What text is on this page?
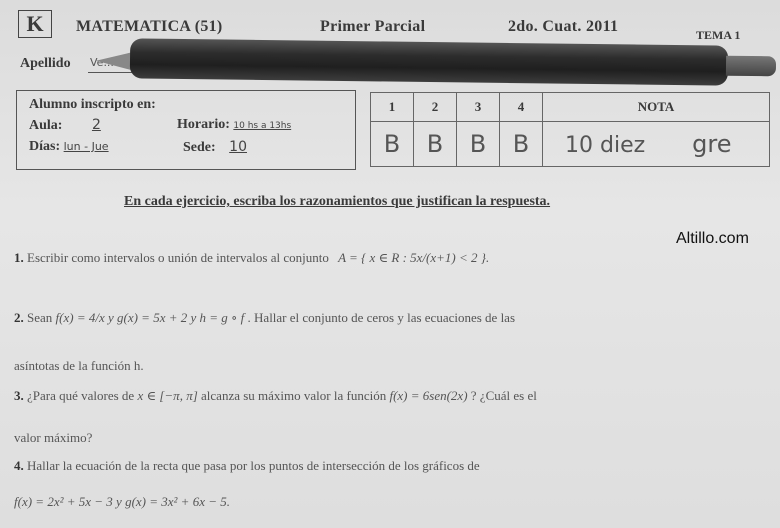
K	MATEMATICA (51)	Primer Parcial	2do. Cuat. 2011	TEMA 1
Apellido Ve...
Alumno inscripto en:
Aula: 2	Horario: 10 hs a 13hs
Días: lun - Jue	Sede: 10
1	2	3	4	NOTA
B	B	B	B	10 diez gre
En cada ejercicio, escriba los razonamientos que justifican la respuesta.
Altillo.com
1. Escribir como intervalos o unión de intervalos al conjunto A = { x ∈ R : 5x/(x+1) < 2 }.
2. Sean f(x) = 4/x y g(x) = 5x + 2 y h = g ∘ f . Hallar el conjunto de ceros y las ecuaciones de las
asíntotas de la función h.
3. ¿Para qué valores de x ∈ [−π, π] alcanza su máximo valor la función f(x) = 6sen(2x) ? ¿Cuál es el
valor máximo?
4. Hallar la ecuación de la recta que pasa por los puntos de intersección de los gráficos de
f(x) = 2x² + 5x − 3 y g(x) = 3x² + 6x − 5.
